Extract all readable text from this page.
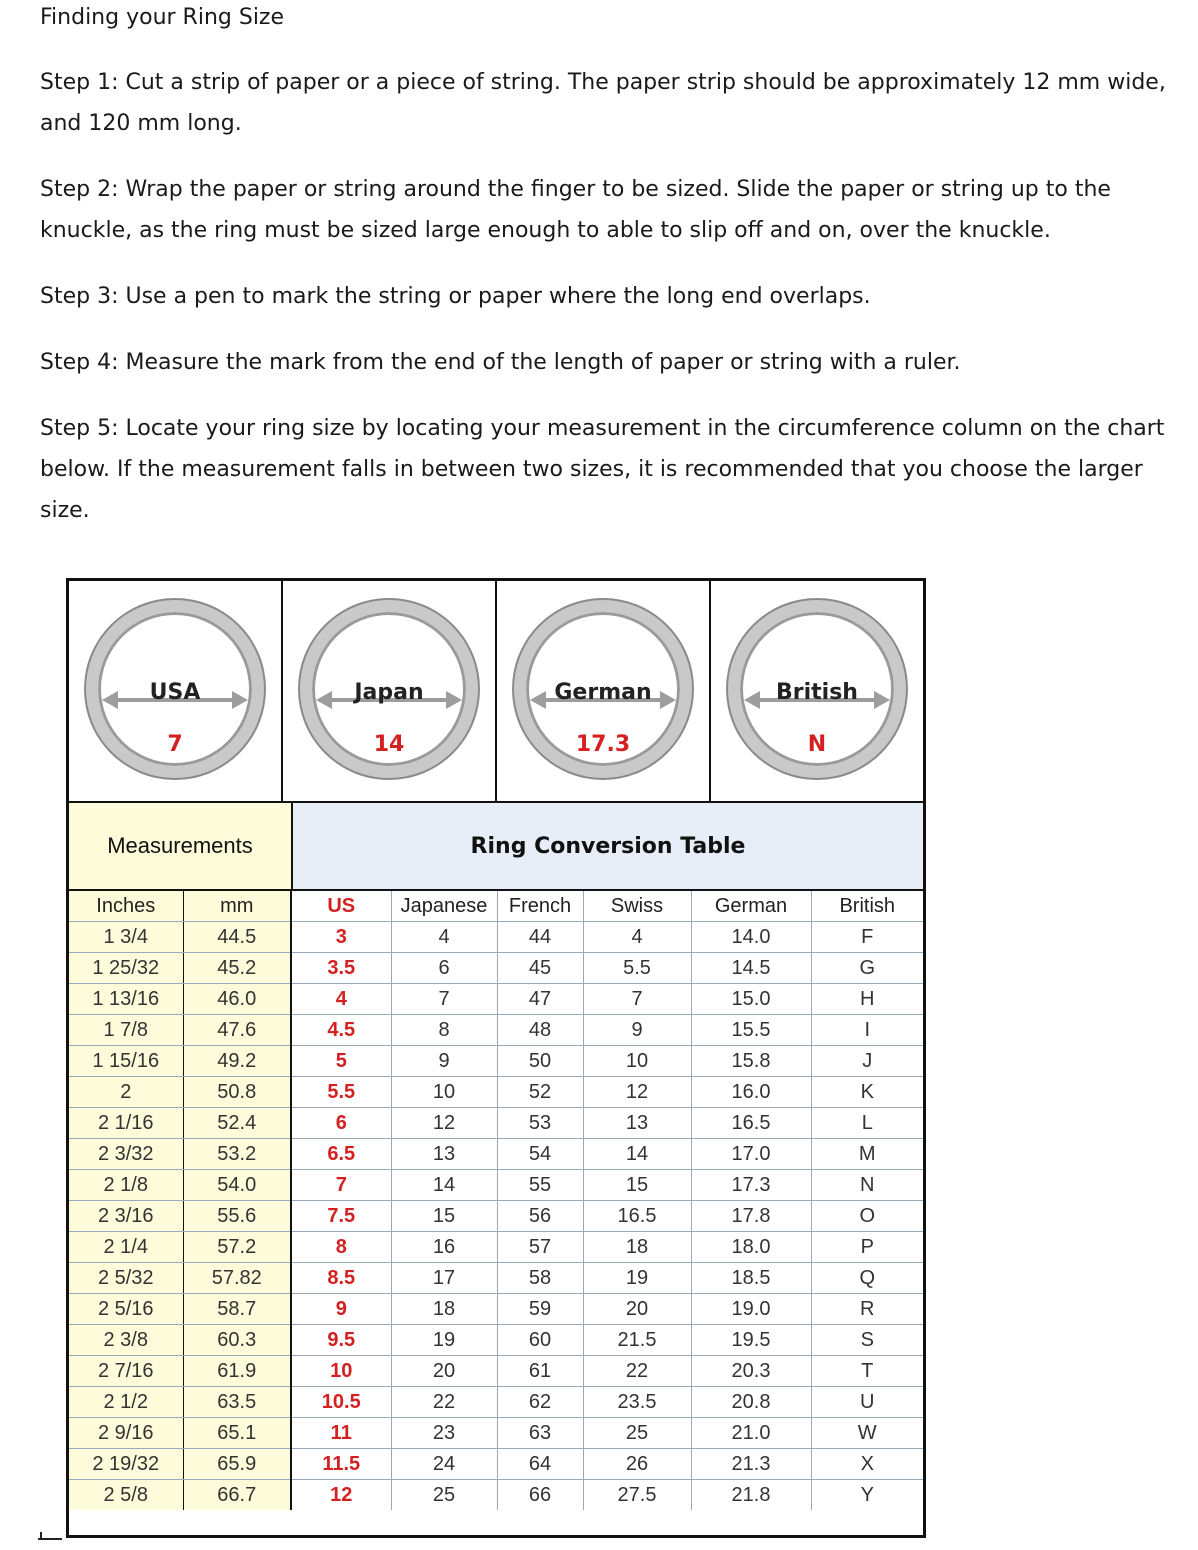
Finding your Ring Size

Step 1: Cut a strip of paper or a piece of string. The paper strip should be approximately 12 mm wide, and 120 mm long.

Step 2: Wrap the paper or string around the finger to be sized. Slide the paper or string up to the knuckle, as the ring must be sized large enough to able to slip off and on, over the knuckle.

Step 3: Use a pen to mark the string or paper where the long end overlaps.

Step 4: Measure the mark from the end of the length of paper or string with a ruler.

Step 5: Locate your ring size by locating your measurement in the circumference column on the chart below. If the measurement falls in between two sizes, it is recommended that you choose the larger size.

USA
7
Japan
14
German
17.3
British
N
Measurements	Ring Conversion Table
Inches	mm	US	Japanese	French	Swiss	German	British
1 3/4	44.5	3	4	44	4	14.0	F
1 25/32	45.2	3.5	6	45	5.5	14.5	G
1 13/16	46.0	4	7	47	7	15.0	H
1 7/8	47.6	4.5	8	48	9	15.5	I
1 15/16	49.2	5	9	50	10	15.8	J
2	50.8	5.5	10	52	12	16.0	K
2 1/16	52.4	6	12	53	13	16.5	L
2 3/32	53.2	6.5	13	54	14	17.0	M
2 1/8	54.0	7	14	55	15	17.3	N
2 3/16	55.6	7.5	15	56	16.5	17.8	O
2 1/4	57.2	8	16	57	18	18.0	P
2 5/32	57.82	8.5	17	58	19	18.5	Q
2 5/16	58.7	9	18	59	20	19.0	R
2 3/8	60.3	9.5	19	60	21.5	19.5	S
2 7/16	61.9	10	20	61	22	20.3	T
2 1/2	63.5	10.5	22	62	23.5	20.8	U
2 9/16	65.1	11	23	63	25	21.0	W
2 19/32	65.9	11.5	24	64	26	21.3	X
2 5/8	66.7	12	25	66	27.5	21.8	Y
